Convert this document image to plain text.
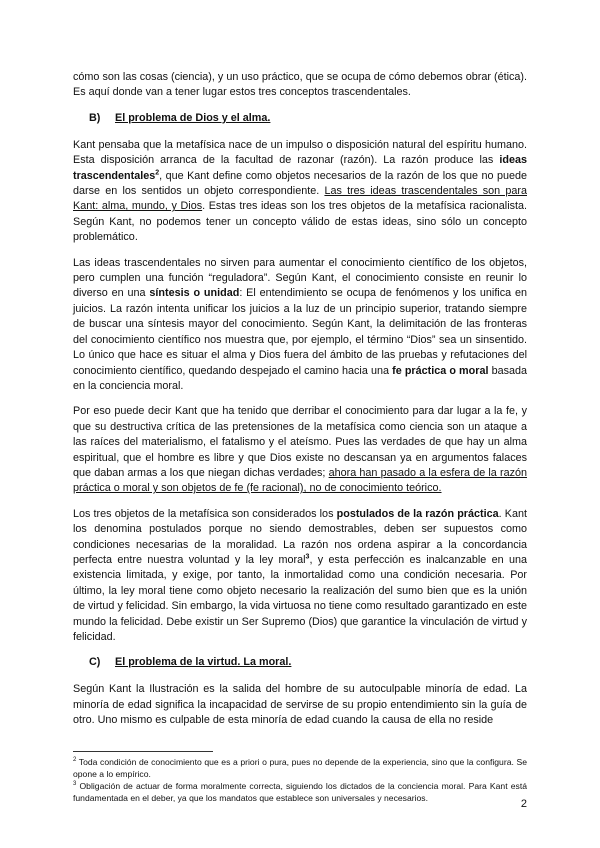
cómo son las cosas (ciencia), y un uso práctico, que se ocupa de cómo debemos obrar (ética). Es aquí donde van a tener lugar estos tres conceptos trascendentales.

B) El problema de Dios y el alma.

Kant pensaba que la metafísica nace de un impulso o disposición natural del espíritu humano. Esta disposición arranca de la facultad de razonar (razón). La razón produce las ideas trascendentales$^2$, que Kant define como objetos necesarios de la razón de los que no puede darse en los sentidos un objeto correspondiente. Las tres ideas trascendentales son para Kant: alma, mundo, y Dios. Estas tres ideas son los tres objetos de la metafísica racionalista. Según Kant, no podemos tener un concepto válido de estas ideas, sino sólo un concepto problemático.

Las ideas trascendentales no sirven para aumentar el conocimiento científico de los objetos, pero cumplen una función “reguladora”. Según Kant, el conocimiento consiste en reunir lo diverso en una síntesis o unidad: El entendimiento se ocupa de fenómenos y los unifica en juicios. La razón intenta unificar los juicios a la luz de un principio superior, tratando siempre de buscar una síntesis mayor del conocimiento. Según Kant, la delimitación de las fronteras del conocimiento científico nos muestra que, por ejemplo, el término “Dios” sea un sinsentido. Lo único que hace es situar el alma y Dios fuera del ámbito de las pruebas y refutaciones del conocimiento científico, quedando despejado el camino hacia una fe práctica o moral basada en la conciencia moral.

Por eso puede decir Kant que ha tenido que derribar el conocimiento para dar lugar a la fe, y que su destructiva crítica de las pretensiones de la metafísica como ciencia son un ataque a las raíces del materialismo, el fatalismo y el ateísmo. Pues las verdades de que hay un alma espiritual, que el hombre es libre y que Dios existe no descansan ya en argumentos falaces que daban armas a los que niegan dichas verdades; ahora han pasado a la esfera de la razón práctica o moral y son objetos de fe (fe racional), no de conocimiento teórico.

Los tres objetos de la metafísica son considerados los postulados de la razón práctica. Kant los denomina postulados porque no siendo demostrables, deben ser supuestos como condiciones necesarias de la moralidad. La razón nos ordena aspirar a la concordancia perfecta entre nuestra voluntad y la ley moral$^3$, y esta perfección es inalcanzable en una existencia limitada, y exige, por tanto, la inmortalidad como una condición necesaria. Por último, la ley moral tiene como objeto necesario la realización del sumo bien que es la unión de virtud y felicidad. Sin embargo, la vida virtuosa no tiene como resultado garantizado en este mundo la felicidad. Debe existir un Ser Supremo (Dios) que garantice la vinculación de virtud y felicidad.

C) El problema de la virtud. La moral.

Según Kant la Ilustración es la salida del hombre de su autoculpable minoría de edad. La minoría de edad significa la incapacidad de servirse de su propio entendimiento sin la guía de otro. Uno mismo es culpable de esta minoría de edad cuando la causa de ella no reside

$^2$ Toda condición de conocimiento que es a priori o pura, pues no depende de la experiencia, sino que la configura. Se opone a lo empírico.

$^3$ Obligación de actuar de forma moralmente correcta, siguiendo los dictados de la conciencia moral. Para Kant está fundamentada en el deber, ya que los mandatos que establece son universales y necesarios.

2
